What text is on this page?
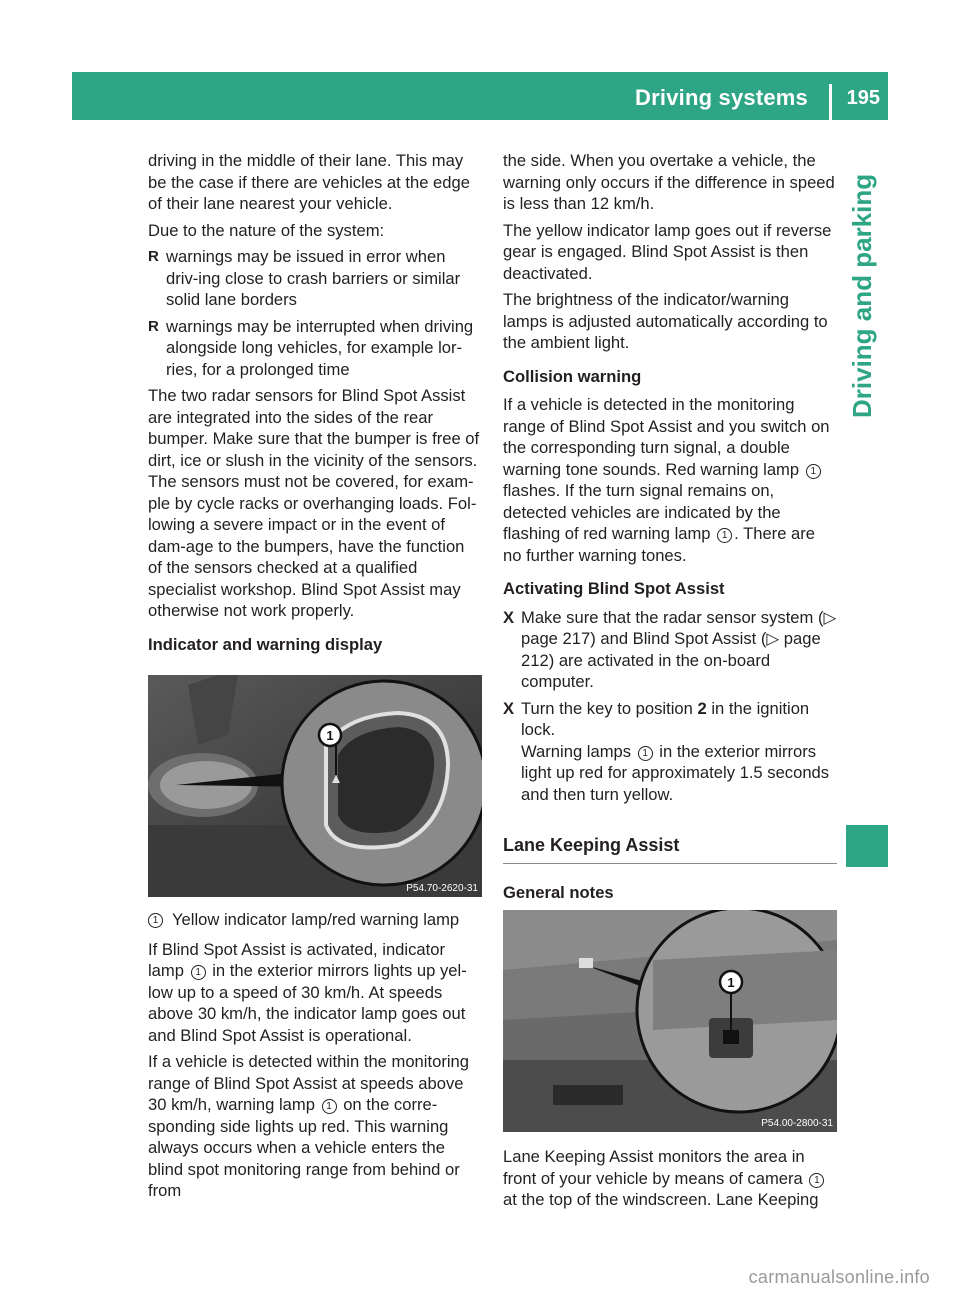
Driving systems 195
Driving and parking

driving in the middle of their lane. This may be the case if there are vehicles at the edge of their lane nearest your vehicle.

Due to the nature of the system:

R warnings may be issued in error when driv-ing close to crash barriers or similar solid lane borders
R warnings may be interrupted when driving alongside long vehicles, for example lor-ries, for a prolonged time

The two radar sensors for Blind Spot Assist are integrated into the sides of the rear bumper. Make sure that the bumper is free of dirt, ice or slush in the vicinity of the sensors. The sensors must not be covered, for exam-ple by cycle racks or overhanging loads. Fol-lowing a severe impact or in the event of dam-age to the bumpers, have the function of the sensors checked at a qualified specialist workshop. Blind Spot Assist may otherwise not work properly.

Indicator and warning display
1
P54.70-2620-31
1 Yellow indicator lamp/red warning lamp

If Blind Spot Assist is activated, indicator lamp 1 in the exterior mirrors lights up yel-low up to a speed of 30 km/h. At speeds above 30 km/h, the indicator lamp goes out and Blind Spot Assist is operational.

If a vehicle is detected within the monitoring range of Blind Spot Assist at speeds above 30 km/h, warning lamp 1 on the corre-sponding side lights up red. This warning always occurs when a vehicle enters the blind spot monitoring range from behind or from

the side. When you overtake a vehicle, the warning only occurs if the difference in speed is less than 12 km/h.

The yellow indicator lamp goes out if reverse gear is engaged. Blind Spot Assist is then deactivated.

The brightness of the indicator/warning lamps is adjusted automatically according to the ambient light.

Collision warning

If a vehicle is detected in the monitoring range of Blind Spot Assist and you switch on the corresponding turn signal, a double warning tone sounds. Red warning lamp 1 flashes. If the turn signal remains on, detected vehicles are indicated by the flashing of red warning lamp 1 . There are no further warning tones.

Activating Blind Spot Assist
X Make sure that the radar sensor system (▷ page 217) and Blind Spot Assist (▷ page 212) are activated in the on-board computer.
X Turn the key to position 2 in the ignition lock.
Warning lamps 1 in the exterior mirrors light up red for approximately 1.5 seconds and then turn yellow.
Lane Keeping Assist
General notes
1
P54.00-2800-31

Lane Keeping Assist monitors the area in front of your vehicle by means of camera 1 at the top of the windscreen. Lane Keeping

carmanualsonline.info
